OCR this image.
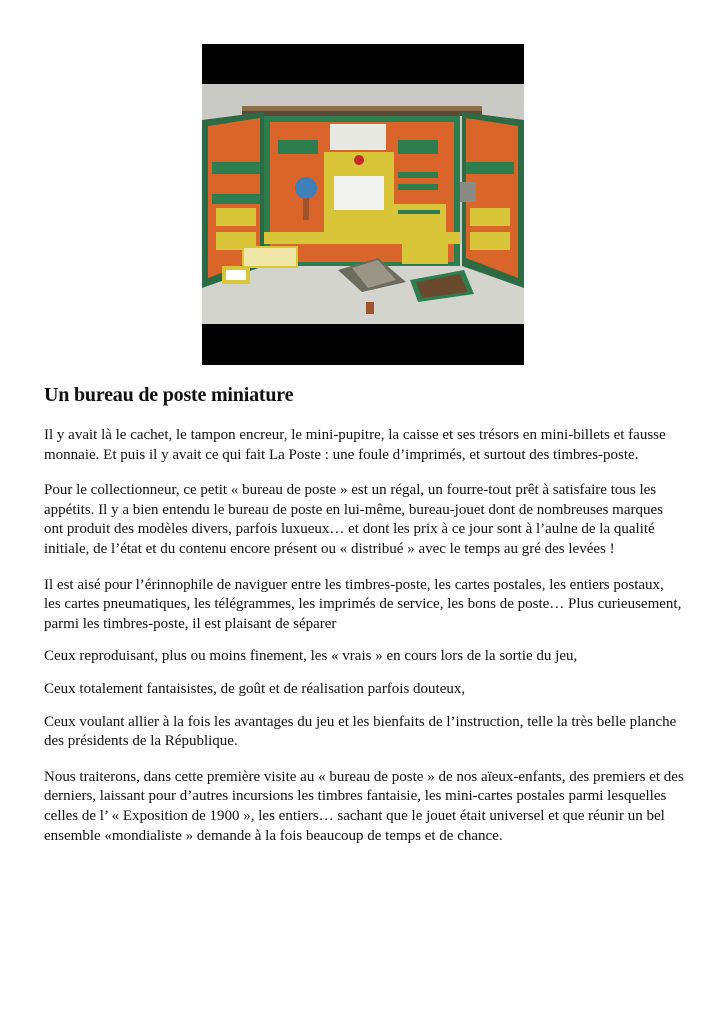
Un bureau de poste miniature

Il y avait là le cachet, le tampon encreur, le mini-pupitre, la caisse et ses trésors en mini-billets et fausse monnaie. Et puis il y avait ce qui fait La Poste : une foule d’imprimés, et surtout des timbres-poste.

Pour le collectionneur, ce petit « bureau de poste » est un régal, un fourre-tout prêt à satisfaire tous les appétits. Il y a bien entendu le bureau de poste en lui-même, bureau-jouet dont de nombreuses marques ont produit des modèles divers, parfois luxueux… et dont les prix à ce jour sont à l’aulne de la qualité initiale, de l’état et du contenu encore présent ou « distribué » avec le temps au gré des levées !

Il est aisé pour l’érinnophile de naviguer entre les timbres-poste, les cartes postales, les entiers postaux, les cartes pneumatiques, les télégrammes, les imprimés de service, les bons de poste… Plus curieusement, parmi les timbres-poste, il est plaisant de séparer

Ceux reproduisant, plus ou moins finement, les « vrais » en cours lors de la sortie du jeu,

Ceux totalement fantaisistes, de goût et de réalisation parfois douteux,

Ceux voulant allier à la fois les avantages du jeu et les bienfaits de l’instruction, telle la très belle planche des présidents de la République.

Nous traiterons, dans cette première visite au « bureau de poste » de nos aïeux-enfants, des premiers et des derniers, laissant pour d’autres incursions les timbres fantaisie, les mini-cartes postales parmi lesquelles celles de l’ « Exposition de 1900 », les entiers… sachant que le jouet était universel et que réunir un bel ensemble «mondialiste » demande à la fois beaucoup de temps et de chance.
